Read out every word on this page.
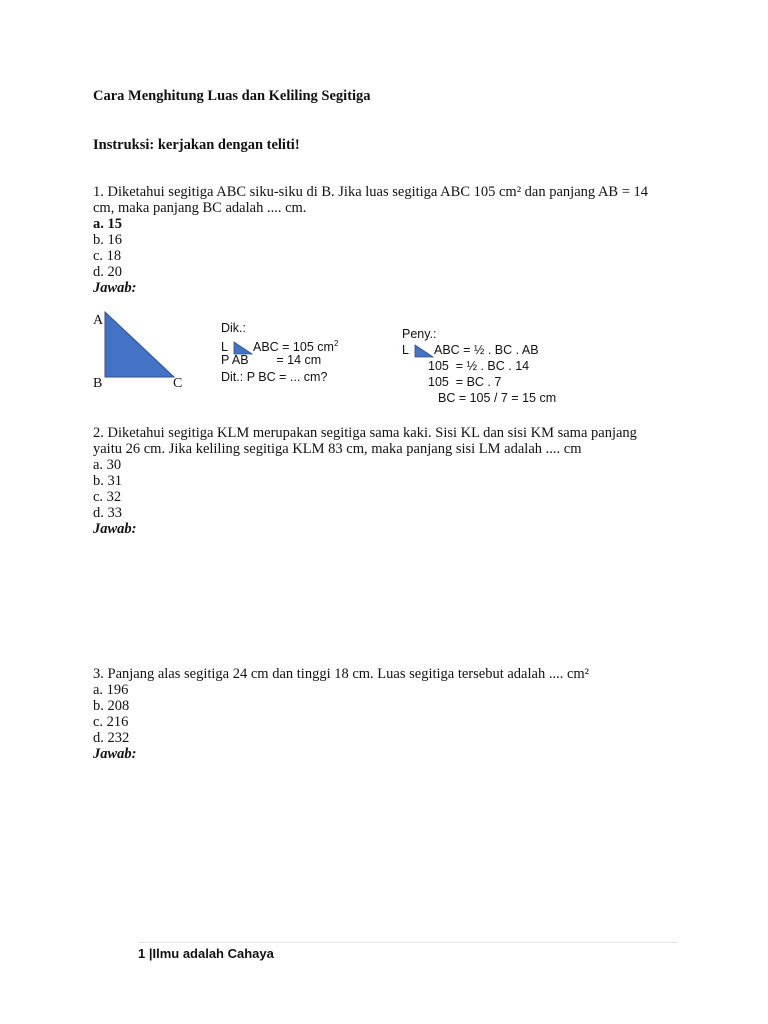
Cara Menghitung Luas dan Keliling Segitiga
Instruksi: kerjakan dengan teliti!
1. Diketahui segitiga ABC siku-siku di B. Jika luas segitiga ABC 105 cm² dan panjang AB = 14
cm, maka panjang BC adalah .... cm.
a. 15
b. 16
c. 18
d. 20
Jawab:
A
B	C
Dik.:
L ABC = 105 $cm^2$
P AB        = 14 cm
Dit.: P BC = ... cm?
Peny.:
L ABC = ½ . BC . AB
105  = ½ . BC . 14
105  = BC . 7
BC = 105 / 7 = 15 cm
2. Diketahui segitiga KLM merupakan segitiga sama kaki. Sisi KL dan sisi KM sama panjang
yaitu 26 cm. Jika keliling segitiga KLM 83 cm, maka panjang sisi LM adalah .... cm
a. 30
b. 31
c. 32
d. 33
Jawab:
3. Panjang alas segitiga 24 cm dan tinggi 18 cm. Luas segitiga tersebut adalah .... cm²
a. 196
b. 208
c. 216
d. 232
Jawab:
1 |Ilmu adalah Cahaya
